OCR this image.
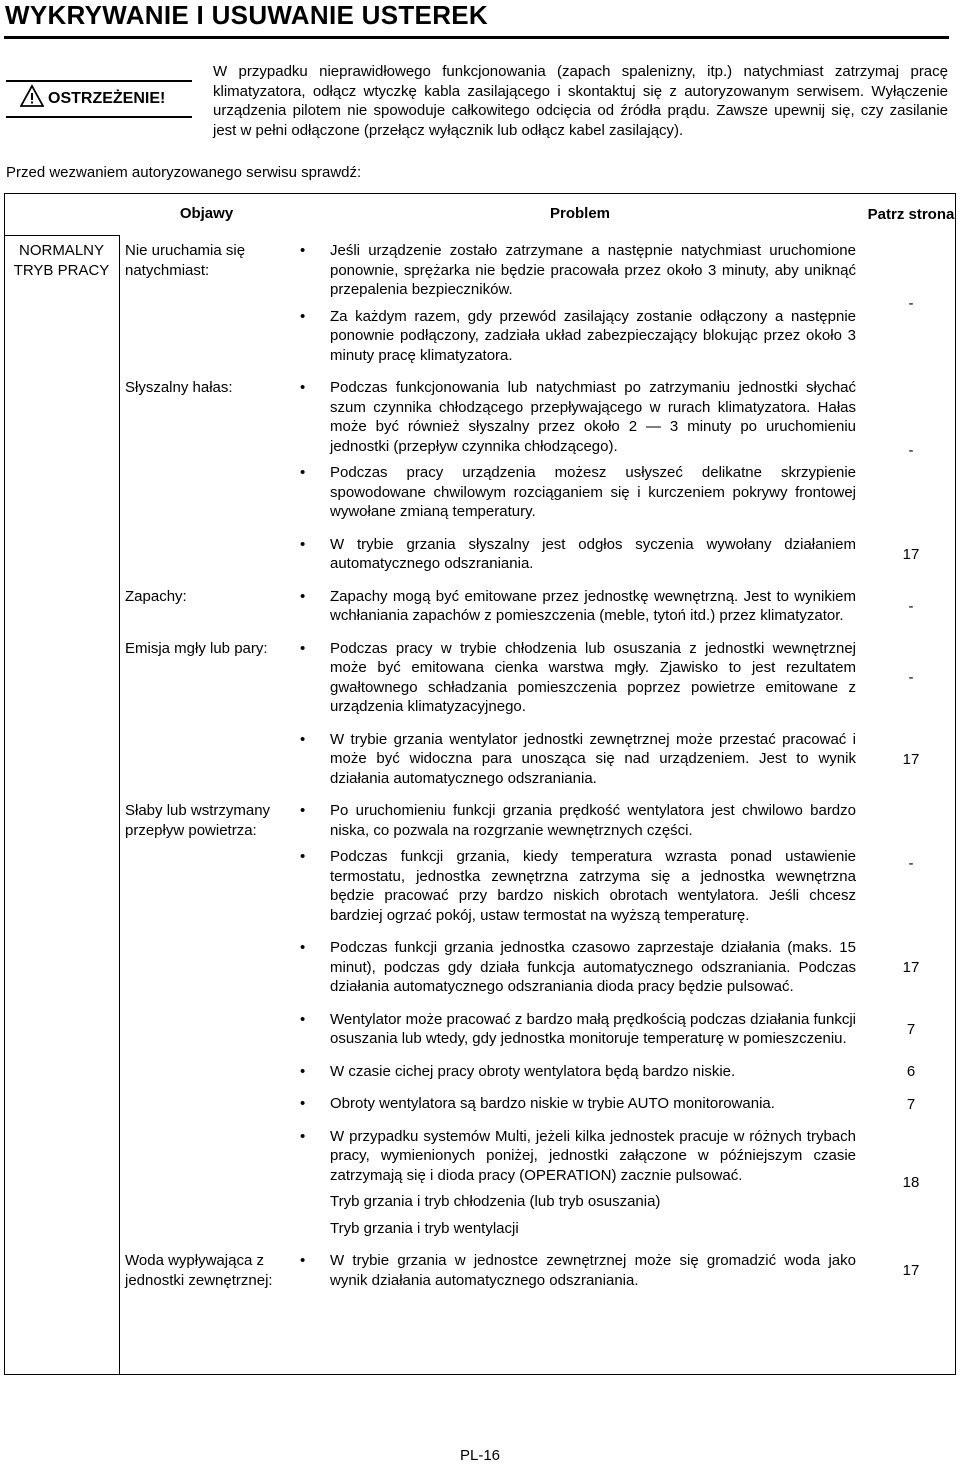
WYKRYWANIE I USUWANIE USTEREK
OSTRZEŻENIE!
W przypadku nieprawidłowego funkcjonowania (zapach spalenizny, itp.) natychmiast zatrzymaj pracę klimatyzatora, odłącz wtyczkę kabla zasilającego i skontaktuj się z autoryzowanym serwisem. Wyłączenie urządzenia pilotem nie spowoduje całkowitego odcięcia od źródła prądu. Zawsze upewnij się, czy zasilanie jest w pełni odłączone (przełącz wyłącznik lub odłącz kabel zasilający).
Przed wezwaniem autoryzowanego serwisu sprawdź:
	Objawy	Problem	Patrz strona
NORMALNY TRYB PRACY	Nie uruchamia się natychmiast:	• Jeśli urządzenie zostało zatrzymane a następnie natychmiast uruchomione ponownie, sprężarka nie będzie pracowała przez około 3 minuty, aby uniknąć przepalenia bezpieczników.
• Za każdym razem, gdy przewód zasilający zostanie odłączony a następnie ponownie podłączony, zadziała układ zabezpieczający blokując przez około 3 minuty pracę klimatyzatora.	-
	Słyszalny hałas:	• Podczas funkcjonowania lub natychmiast po zatrzymaniu jednostki słychać szum czynnika chłodzącego przepływającego w rurach klimatyzatora. Hałas może być również słyszalny przez około 2 — 3 minuty po uruchomieniu jednostki (przepływ czynnika chłodzącego).
• Podczas pracy urządzenia możesz usłyszeć delikatne skrzypienie spowodowane chwilowym rozciąganiem się i kurczeniem pokrywy frontowej wywołane zmianą temperatury.	-

		• W trybie grzania słyszalny jest odgłos syczenia wywołany działaniem automatycznego odszraniania.	17
	Zapachy:	• Zapachy mogą być emitowane przez jednostkę wewnętrzną. Jest to wynikiem wchłaniania zapachów z pomieszczenia (meble, tytoń itd.) przez klimatyzator.	-
	Emisja mgły lub pary:	• Podczas pracy w trybie chłodzenia lub osuszania z jednostki wewnętrznej może być emitowana cienka warstwa mgły. Zjawisko to jest rezultatem gwałtownego schładzania pomieszczenia poprzez powietrze emitowane z urządzenia klimatyzacyjnego.	-

		• W trybie grzania wentylator jednostki zewnętrznej może przestać pracować i może być widoczna para unosząca się nad urządzeniem. Jest to wynik działania automatycznego odszraniania.	17
	Słaby lub wstrzymany przepływ powietrza:	• Po uruchomieniu funkcji grzania prędkość wentylatora jest chwilowo bardzo niska, co pozwala na rozgrzanie wewnętrznych części.
• Podczas funkcji grzania, kiedy temperatura wzrasta ponad ustawienie termostatu, jednostka zewnętrzna zatrzyma się a jednostka wewnętrzna będzie pracować przy bardzo niskich obrotach wentylatora. Jeśli chcesz bardziej ogrzać pokój, ustaw termostat na wyższą temperaturę.	-

		• Podczas funkcji grzania jednostka czasowo zaprzestaje działania (maks. 15 minut), podczas gdy działa funkcja automatycznego odszraniania. Podczas działania automatycznego odszraniania dioda pracy będzie pulsować.	17

		• Wentylator może pracować z bardzo małą prędkością podczas działania funkcji osuszania lub wtedy, gdy jednostka monitoruje temperaturę w pomieszczeniu.	7

		• W czasie cichej pracy obroty wentylatora będą bardzo niskie.	6

		• Obroty wentylatora są bardzo niskie w trybie AUTO monitorowania.	7

		• W przypadku systemów Multi, jeżeli kilka jednostek pracuje w różnych trybach pracy, wymienionych poniżej, jednostki załączone w późniejszym czasie zatrzymają się i dioda pracy (OPERATION) zacznie pulsować.
Tryb grzania i tryb chłodzenia (lub tryb osuszania)
Tryb grzania i tryb wentylacji	18
	Woda wypływająca z jednostki zewnętrznej:	• W trybie grzania w jednostce zewnętrznej może się gromadzić woda jako wynik działania automatycznego odszraniania.	17
PL-16
